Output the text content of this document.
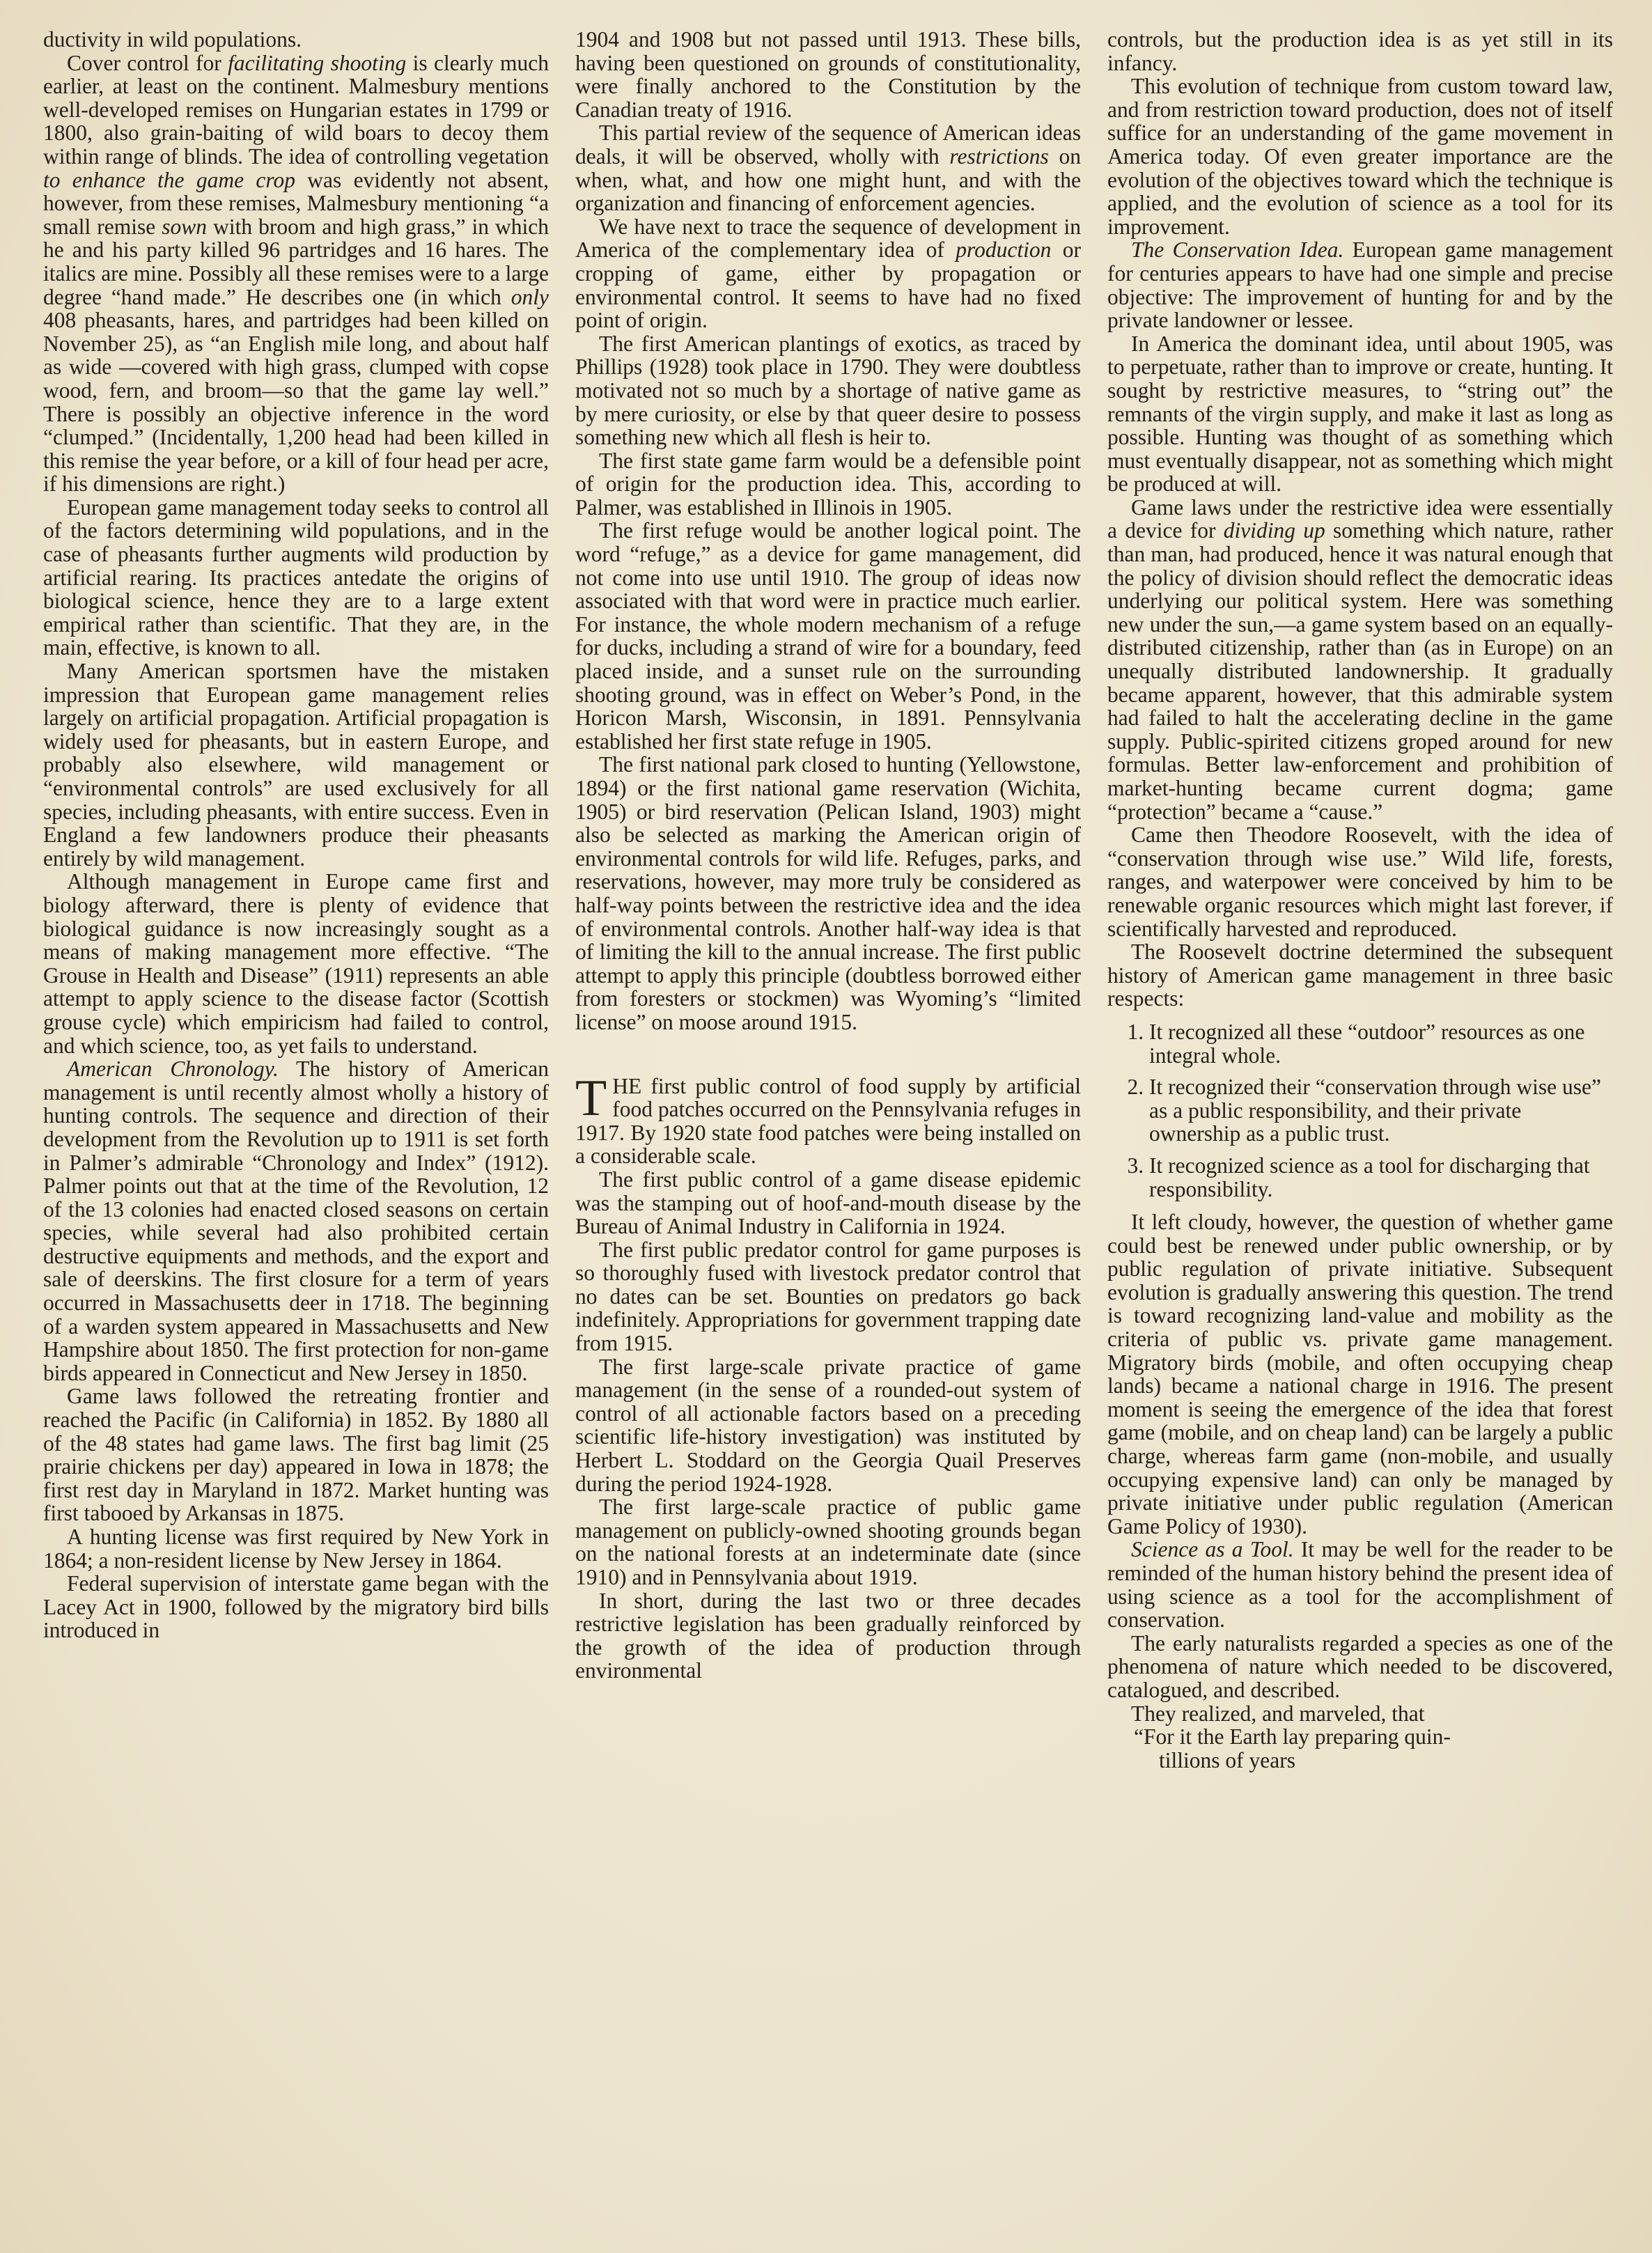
ductivity in wild populations.

Cover control for facilitating shooting is clearly much earlier, at least on the continent. Malmesbury mentions well-developed remises on Hungarian estates in 1799 or 1800, also grain-baiting of wild boars to decoy them within range of blinds. The idea of controlling vegetation to enhance the game crop was evidently not absent, however, from these remises, Malmesbury mentioning “a small remise sown with broom and high grass,” in which he and his party killed 96 partridges and 16 hares. The italics are mine. Possibly all these remises were to a large degree “hand made.” He describes one (in which only 408 pheasants, hares, and partridges had been killed on November 25), as “an English mile long, and about half as wide —covered with high grass, clumped with copse wood, fern, and broom—so that the game lay well.” There is possibly an objective inference in the word “clumped.” (Incidentally, 1,200 head had been killed in this remise the year before, or a kill of four head per acre, if his dimensions are right.)

European game management today seeks to control all of the factors determining wild populations, and in the case of pheasants further augments wild production by artificial rearing. Its practices antedate the origins of biological science, hence they are to a large extent empirical rather than scientific. That they are, in the main, effective, is known to all.

Many American sportsmen have the mistaken impression that European game management relies largely on artificial propagation. Artificial propagation is widely used for pheasants, but in eastern Europe, and probably also elsewhere, wild management or “environmental controls” are used exclusively for all species, including pheasants, with entire success. Even in England a few landowners produce their pheasants entirely by wild management.

Although management in Europe came first and biology afterward, there is plenty of evidence that biological guidance is now increasingly sought as a means of making management more effective. “The Grouse in Health and Disease” (1911) represents an able attempt to apply science to the disease factor (Scottish grouse cycle) which empiricism had failed to control, and which science, too, as yet fails to understand.

American Chronology. The history of American management is until recently almost wholly a history of hunting controls. The sequence and direction of their development from the Revolution up to 1911 is set forth in Palmer’s admirable “Chronology and Index” (1912). Palmer points out that at the time of the Revolution, 12 of the 13 colonies had enacted closed seasons on certain species, while several had also prohibited certain destructive equipments and methods, and the export and sale of deerskins. The first closure for a term of years occurred in Massachusetts deer in 1718. The beginning of a warden system appeared in Massachusetts and New Hampshire about 1850. The first protection for non-game birds appeared in Connecticut and New Jersey in 1850.

Game laws followed the retreating frontier and reached the Pacific (in California) in 1852. By 1880 all of the 48 states had game laws. The first bag limit (25 prairie chickens per day) appeared in Iowa in 1878; the first rest day in Maryland in 1872. Market hunting was first tabooed by Arkansas in 1875.

A hunting license was first required by New York in 1864; a non-resident license by New Jersey in 1864.

Federal supervision of interstate game began with the Lacey Act in 1900, followed by the migratory bird bills introduced in

1904 and 1908 but not passed until 1913. These bills, having been questioned on grounds of constitutionality, were finally anchored to the Constitution by the Canadian treaty of 1916.

This partial review of the sequence of American ideas deals, it will be observed, wholly with restrictions on when, what, and how one might hunt, and with the organization and financing of enforcement agencies.

We have next to trace the sequence of development in America of the complementary idea of production or cropping of game, either by propagation or environmental control. It seems to have had no fixed point of origin.

The first American plantings of exotics, as traced by Phillips (1928) took place in 1790. They were doubtless motivated not so much by a shortage of native game as by mere curiosity, or else by that queer desire to possess something new which all flesh is heir to.

The first state game farm would be a defensible point of origin for the production idea. This, according to Palmer, was established in Illinois in 1905.

The first refuge would be another logical point. The word “refuge,” as a device for game management, did not come into use until 1910. The group of ideas now associated with that word were in practice much earlier. For instance, the whole modern mechanism of a refuge for ducks, including a strand of wire for a boundary, feed placed inside, and a sunset rule on the surrounding shooting ground, was in effect on Weber’s Pond, in the Horicon Marsh, Wisconsin, in 1891. Pennsylvania established her first state refuge in 1905.

The first national park closed to hunting (Yellowstone, 1894) or the first national game reservation (Wichita, 1905) or bird reservation (Pelican Island, 1903) might also be selected as marking the American origin of environmental controls for wild life. Refuges, parks, and reservations, however, may more truly be considered as half-way points between the restrictive idea and the idea of environmental controls. Another half-way idea is that of limiting the kill to the annual increase. The first public attempt to apply this principle (doubtless borrowed either from foresters or stockmen) was Wyoming’s “limited license” on moose around 1915.

THE first public control of food supply by artificial food patches occurred on the Pennsylvania refuges in 1917. By 1920 state food patches were being installed on a considerable scale.

The first public control of a game disease epidemic was the stamping out of hoof-and-mouth disease by the Bureau of Animal Industry in California in 1924.

The first public predator control for game purposes is so thoroughly fused with livestock predator control that no dates can be set. Bounties on predators go back indefinitely. Appropriations for government trapping date from 1915.

The first large-scale private practice of game management (in the sense of a rounded-out system of control of all actionable factors based on a preceding scientific life-history investigation) was instituted by Herbert L. Stoddard on the Georgia Quail Preserves during the period 1924-1928.

The first large-scale practice of public game management on publicly-owned shooting grounds began on the national forests at an indeterminate date (since 1910) and in Pennsylvania about 1919.

In short, during the last two or three decades restrictive legislation has been gradually reinforced by the growth of the idea of production through environmental

controls, but the production idea is as yet still in its infancy.

This evolution of technique from custom toward law, and from restriction toward production, does not of itself suffice for an understanding of the game movement in America today. Of even greater importance are the evolution of the objectives toward which the technique is applied, and the evolution of science as a tool for its improvement.

The Conservation Idea. European game management for centuries appears to have had one simple and precise objective: The improvement of hunting for and by the private landowner or lessee.

In America the dominant idea, until about 1905, was to perpetuate, rather than to improve or create, hunting. It sought by restrictive measures, to “string out” the remnants of the virgin supply, and make it last as long as possible. Hunting was thought of as something which must eventually disappear, not as something which might be produced at will.

Game laws under the restrictive idea were essentially a device for dividing up something which nature, rather than man, had produced, hence it was natural enough that the policy of division should reflect the democratic ideas underlying our political system. Here was something new under the sun,—a game system based on an equally-distributed citizenship, rather than (as in Europe) on an unequally distributed landownership. It gradually became apparent, however, that this admirable system had failed to halt the accelerating decline in the game supply. Public-spirited citizens groped around for new formulas. Better law-enforcement and prohibition of market-hunting became current dogma; game “protection” became a “cause.”

Came then Theodore Roosevelt, with the idea of “conservation through wise use.” Wild life, forests, ranges, and waterpower were conceived by him to be renewable organic resources which might last forever, if scientifically harvested and reproduced.

The Roosevelt doctrine determined the subsequent history of American game management in three basic respects:

1. It recognized all these “outdoor” resources as one integral whole.
2. It recognized their “conservation through wise use” as a public responsibility, and their private ownership as a public trust.
3. It recognized science as a tool for discharging that responsibility.

It left cloudy, however, the question of whether game could best be renewed under public ownership, or by public regulation of private initiative. Subsequent evolution is gradually answering this question. The trend is toward recognizing land-value and mobility as the criteria of public vs. private game management. Migratory birds (mobile, and often occupying cheap lands) became a national charge in 1916. The present moment is seeing the emergence of the idea that forest game (mobile, and on cheap land) can be largely a public charge, whereas farm game (non-mobile, and usually occupying expensive land) can only be managed by private initiative under public regulation (American Game Policy of 1930).

Science as a Tool. It may be well for the reader to be reminded of the human history behind the present idea of using science as a tool for the accomplishment of conservation.

The early naturalists regarded a species as one of the phenomena of nature which needed to be discovered, catalogued, and described.

They realized, and marveled, that

“For it the Earth lay preparing quin-

tillions of years
